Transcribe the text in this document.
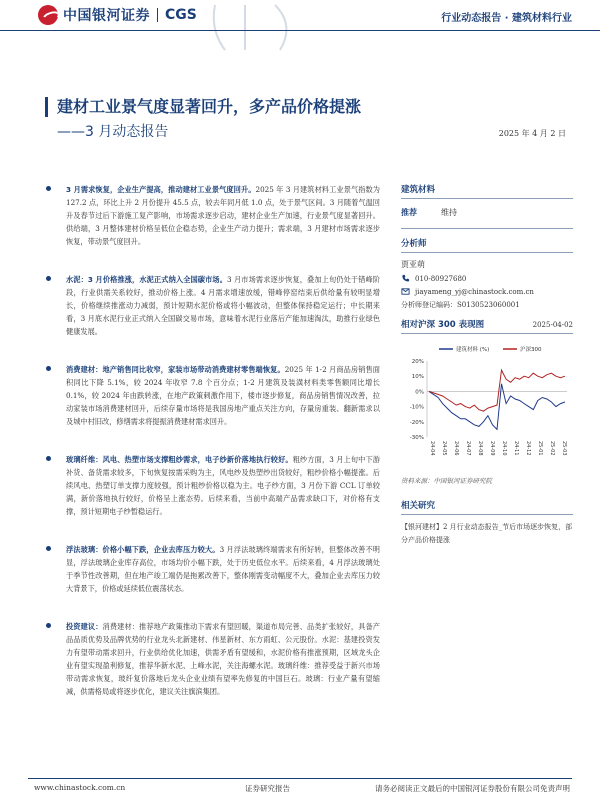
中国银河证券 CGS	行业动态报告 · 建筑材料行业
建材工业景气度显著回升，多产品价格提涨
——3 月动态报告	2025 年 4 月 2 日
3 月需求恢复，企业生产提高，推动建材工业景气度回升。2025 年 3 月建筑材料工业景气指数为 127.2 点，环比上升 2 月份提升 45.5 点，较去年同月低 1.0 点，处于景气区间。3 月随着气温回升及春节过后下游施工复产影响，市场需求逐步启动，建材企业生产加速，行业景气度显著回升。供给端，3 月整体建材价格呈低位企稳态势，企业生产动力提升；需求端，3 月建材市场需求逐步恢复，带动景气度回升。
水泥：3 月价格推涨，水泥正式纳入全国碳市场。3 月市场需求逐步恢复，叠加上旬仍处于错峰阶段，行业供需关系较好，推动价格上涨。4 月需求增速放缓，错峰停窑结束后供给量有较明显增长，价格继续推涨动力减弱，预计短期水泥价格或将小幅波动，但整体保持稳定运行；中长期来看，3 月底水泥行业正式纳入全国碳交易市场，意味着水泥行业落后产能加速淘汰，助推行业绿色健康发展。
消费建材：地产销售同比收窄，家装市场带动消费建材零售端恢复。2025 年 1-2 月商品房销售面积同比下降 5.1%，较 2024 年收窄 7.8 个百分点；1-2 月建筑及装潢材料类零售额同比增长 0.1%，较 2024 年由跌转涨，在地产政策刺激作用下，楼市逐步修复，商品房销售情况改善，拉动家装市场消费建材回升，后续存量市场将是我国房地产重点关注方向，存量房重装、翻新需求以及城中村旧改，修缮需求将提振消费建材需求回升。
玻璃纤维：风电、热塑市场支撑粗纱需求，电子纱新价落地执行较好。粗纱方面，3 月上旬中下游补货、备货需求较多，下旬恢复按需采购为主，风电纱及热塑纱出货较好，粗纱价格小幅提涨。后续风电、热塑订单支撑力度较强，预计粗纱价格以稳为主。电子纱方面，3 月份下游 CCL 订单较满，新价落地执行较好，价格呈上涨态势。后续来看，当前中高端产品需求缺口下，对价格有支撑，预计短期电子纱暂稳运行。
浮法玻璃：价格小幅下跌，企业去库压力较大。3 月浮法玻璃终端需求有所好转，但整体改善不明显，浮法玻璃企业库存高位，市场均价小幅下跌，处于历史低位水平。后续来看，4 月浮法玻璃处于季节性改善期，但在地产竣工端仍是拖累改善下，整体刚需变动幅度不大，叠加企业去库压力较大背景下，价格或延续低位震荡状态。
投资建议：消费建材：推荐地产政策推动下需求有望回暖，渠道布局完善、品类扩张较好，具备产品品质优势及品牌优势的行业龙头北新建材、伟星新材、东方雨虹、公元股份。水泥：基建投资发力有望带动需求回升，行业供给优化加速，供需矛盾有望缓和，水泥价格有推涨预期，区域龙头企业有望实现盈利修复，推荐华新水泥、上峰水泥，关注海螺水泥。玻璃纤维：推荐受益于新兴市场带动需求恢复，玻纤复价落地后龙头企业业绩有望率先修复的中国巨石。玻璃：行业产量有望缩减，供需格局或将逐步优化，建议关注旗滨集团。
建筑材料
推荐	维持
分析师
贾亚萌
010-80927680
jiayameng_yj@chinastock.com.cn
分析师登记编码：S0130523060001
相对沪深 300 表现图	2025-04-02
20%
10%
0%
-10%
-20%
-30%
24-04 24-05 24-06 24-07 24-08 24-09 24-10 24-11 24-12 25-01 25-02 25-03
建筑材料 (%)	沪深300
资料来源：中国银河证券研究院
相关研究
【银河建材】2 月行业动态报告_节后市场逐步恢复，部分产品价格提涨
www.chinastock.com.cn	证券研究报告	请务必阅读正文最后的中国银河证券股份有限公司免责声明
